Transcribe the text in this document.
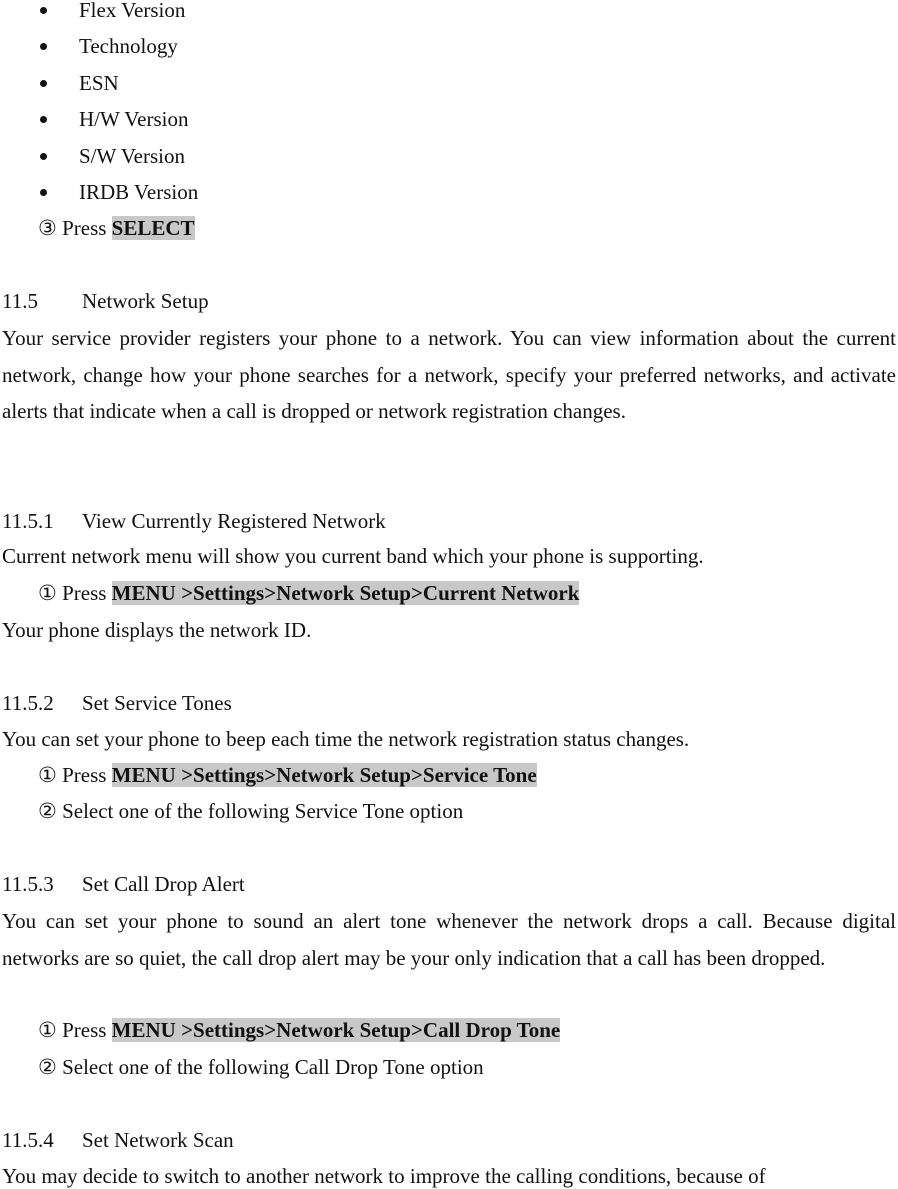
Flex Version
Technology
ESN
H/W Version
S/W Version
IRDB Version
③ Press SELECT
11.5 Network Setup
Your service provider registers your phone to a network. You can view information about the current network, change how your phone searches for a network, specify your preferred networks, and activate alerts that indicate when a call is dropped or network registration changes.
11.5.1 View Currently Registered Network
Current network menu will show you current band which your phone is supporting.
① Press MENU >Settings>Network Setup>Current Network
Your phone displays the network ID.
11.5.2 Set Service Tones
You can set your phone to beep each time the network registration status changes.
① Press MENU >Settings>Network Setup>Service Tone
② Select one of the following Service Tone option
11.5.3 Set Call Drop Alert
You can set your phone to sound an alert tone whenever the network drops a call. Because digital networks are so quiet, the call drop alert may be your only indication that a call has been dropped.
① Press MENU >Settings>Network Setup>Call Drop Tone
② Select one of the following Call Drop Tone option
11.5.4 Set Network Scan
You may decide to switch to another network to improve the calling conditions, because of
